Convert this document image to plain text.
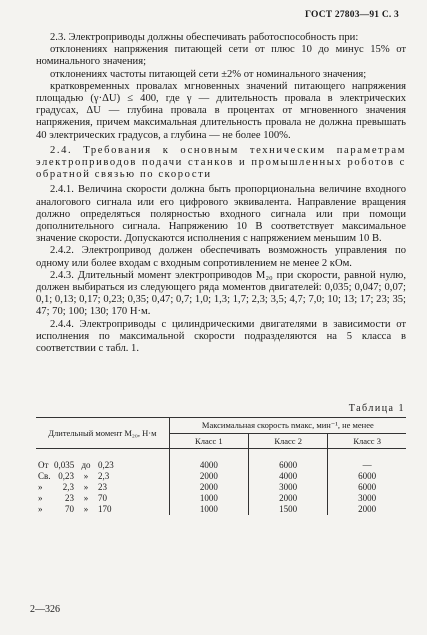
ГОСТ 27803—91 С. 3

2.3. Электроприводы должны обеспечивать работоспособность при:

отклонениях напряжения питающей сети от плюс 10 до минус 15% от номинального значения;

отклонениях частоты питающей сети ±2% от номинального значения;

кратковременных провалах мгновенных значений питающего напряжения площадью (γ·ΔU) ≤ 400, где γ — длительность провала в электрических градусах, ΔU — глубина провала в процентах от мгновенного значения напряжения, причем максимальная длительность провала не должна превышать 40 электрических градусов, а глубина — не более 100%.

2.4. Требования к основным техническим параметрам электроприводов подачи станков и промышленных роботов с обратной связью по скорости

2.4.1. Величина скорости должна быть пропорциональна величине входного аналогового сигнала или его цифрового эквивалента. Направление вращения должно определяться полярностью входного сигнала или при помощи дополнительного сигнала. Напряжению 10 В соответствует максимальное значение скорости. Допускаются исполнения с напряжением меньшим 10 В.

2.4.2. Электропривод должен обеспечивать возможность управления по одному или более входам с входным сопротивлением не менее 2 кОм.

2.4.3. Длительный момент электроприводов M₂₀ при скорости, равной нулю, должен выбираться из следующего ряда моментов двигателей: 0,035; 0,047; 0,07; 0,1; 0,13; 0,17; 0,23; 0,35; 0,47; 0,7; 1,0; 1,3; 1,7; 2,3; 3,5; 4,7; 7,0; 10; 13; 17; 23; 35; 47; 70; 100; 130; 170 Н·м.

2.4.4. Электроприводы с цилиндрическими двигателями в зависимости от исполнения по максимальной скорости подразделяются на 5 класса в соответствии с табл. 1.

Таблица 1
Длительный момент M₂₀, Н·м	Максимальная скорость nмакс, мин⁻¹, не менее		
	Класс 1	Класс 2	Класс 3

От 0,035 до 0,23	4000	6000	—

Св. 0,23 » 2,3	2000	4000	6000

» 2,3 » 23	2000	3000	6000

» 23 » 70	1000	2000	3000

» 70 » 170	1000	1500	2000
2—326
